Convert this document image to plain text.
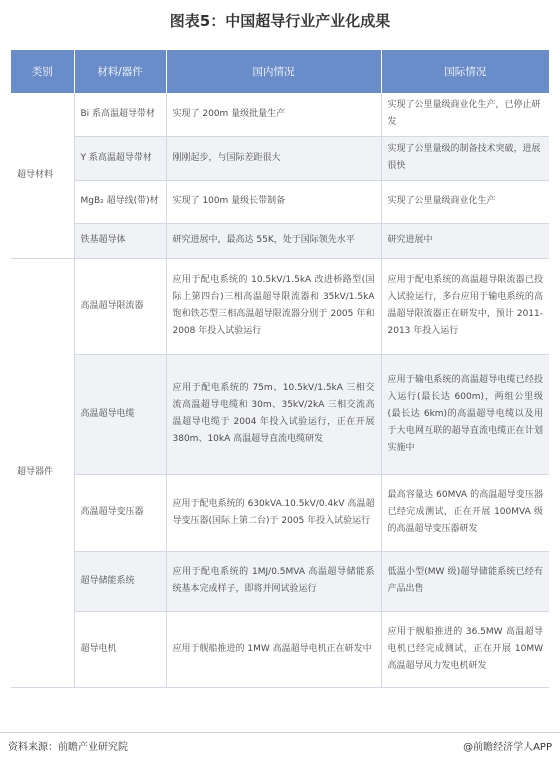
图表5：中国超导行业产业化成果
类别	材料/器件	国内情况	国际情况
超导材料	Bi 系高温超导带材	实现了 200m 量级批量生产	实现了公里量级商业化生产，已停止研发
	Y 系高温超导带材	刚刚起步，与国际差距很大	实现了公里量级的制备技术突破，进展很快
	MgB₂ 超导线(带)材	实现了 100m 量级长带制备	实现了公里量级商业化生产
	铁基超导体	研究进展中，最高达 55K，处于国际领先水平	研究进展中
超导器件	高温超导限流器	应用于配电系统的 10.5kV/1.5kA 改进桥路型(国际上第四台)三相高温超导限流器和 35kV/1.5kA 饱和铁芯型三相高温超导限流器分别于 2005 年和 2008 年投入试验运行	应用于配电系统的高温超导限流器已投入试验运行，多台应用于输电系统的高温超导限流器正在研发中，预计 2011-2013 年投入运行
	高温超导电缆	应用于配电系统的 75m、10.5kV/1.5kA 三相交流高温超导电缆和 30m、35kV/2kA 三相交流高温超导电缆于 2004 年投入试验运行，正在开展 380m、10kA 高温超导直流电缆研发	应用于输电系统的高温超导电缆已经投入运行(最长达 600m)，两组公里级(最长达 6km)的高温超导电缆以及用于大电网互联的超导直流电缆正在计划实施中
	高温超导变压器	应用于配电系统的 630kVA.10.5kV/0.4kV 高温超导变压器(国际上第二台)于 2005 年投入试验运行	最高容量达 60MVA 的高温超导变压器已经完成测试，正在开展 100MVA 级的高温超导变压器研发
	超导储能系统	应用于配电系统的 1MJ/0.5MVA 高温超导储能系统基本完成样子，即将并网试验运行	低温小型(MW 级)超导储能系统已经有产品出售
	超导电机	应用于舰船推进的 1MW 高温超导电机正在研发中	应用于舰船推进的 36.5MW 高温超导电机已经完成测试，正在开展 10MW 高温超导风力发电机研发
资料来源：前瞻产业研究院	@前瞻经济学人APP
